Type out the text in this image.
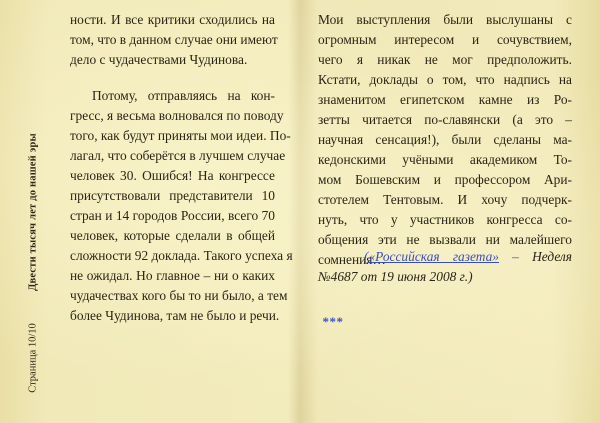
Двести тысяч лет до нашей эры
Страница 10/10
ности. И все критики сходились на
том, что в данном случае они имеют
дело с чудачествами Чудинова.
Потому, отправляясь на кон-
гресс, я весьма волновался по поводу
того, как будут приняты мои идеи. По-
лагал, что соберётся в лучшем случае
человек 30. Ошибся! На конгрессе
присутствовали представители 10
стран и 14 городов России, всего 70
человек, которые сделали в общей
сложности 92 доклада. Такого успеха я
не ожидал. Но главное – ни о каких
чудачествах кого бы то ни было, а тем
более Чудинова, там не было и речи.
Мои выступления были выслушаны с
огромным интересом и сочувствием,
чего я никак не мог предположить.
Кстати, доклады о том, что надпись на
знаменитом египетском камне из Ро-
зетты читается по-славянски (а это –
научная сенсация!), были сделаны ма-
кедонскими учёными академиком То-
мом Бошевским и профессором Ари-
стотелем Тентовым. И хочу подчерк-
нуть, что у участников конгресса со-
общения эти не вызвали ни малейшего
сомнения…
(«Российская газета» – Неделя
№4687 от 19 июня 2008 г.)
***
